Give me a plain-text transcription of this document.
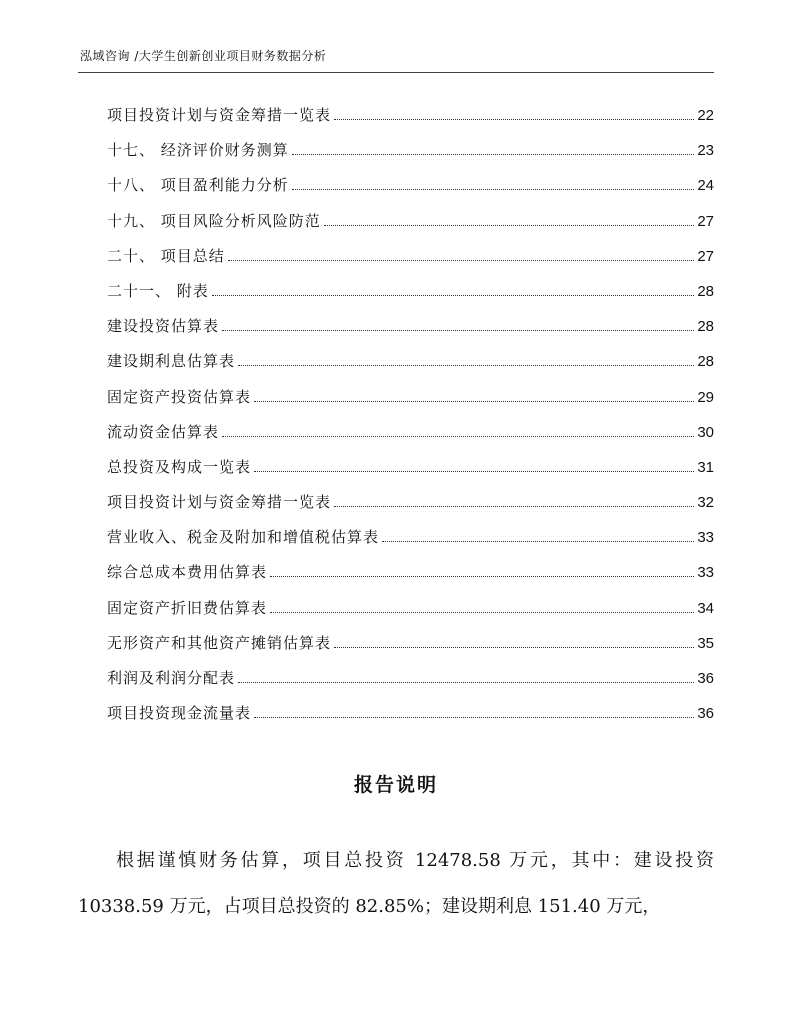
泓域咨询 /大学生创新创业项目财务数据分析
项目投资计划与资金筹措一览表	22
十七、 经济评价财务测算	23
十八、 项目盈利能力分析	24
十九、 项目风险分析风险防范	27
二十、 项目总结	27
二十一、 附表	28
建设投资估算表	28
建设期利息估算表	28
固定资产投资估算表	29
流动资金估算表	30
总投资及构成一览表	31
项目投资计划与资金筹措一览表	32
营业收入、税金及附加和增值税估算表	33
综合总成本费用估算表	33
固定资产折旧费估算表	34
无形资产和其他资产摊销估算表	35
利润及利润分配表	36
项目投资现金流量表	36
报告说明
根据谨慎财务估算，项目总投资 12478.58 万元，其中：建设投资 10338.59 万元，占项目总投资的 82.85%；建设期利息 151.40 万元，
